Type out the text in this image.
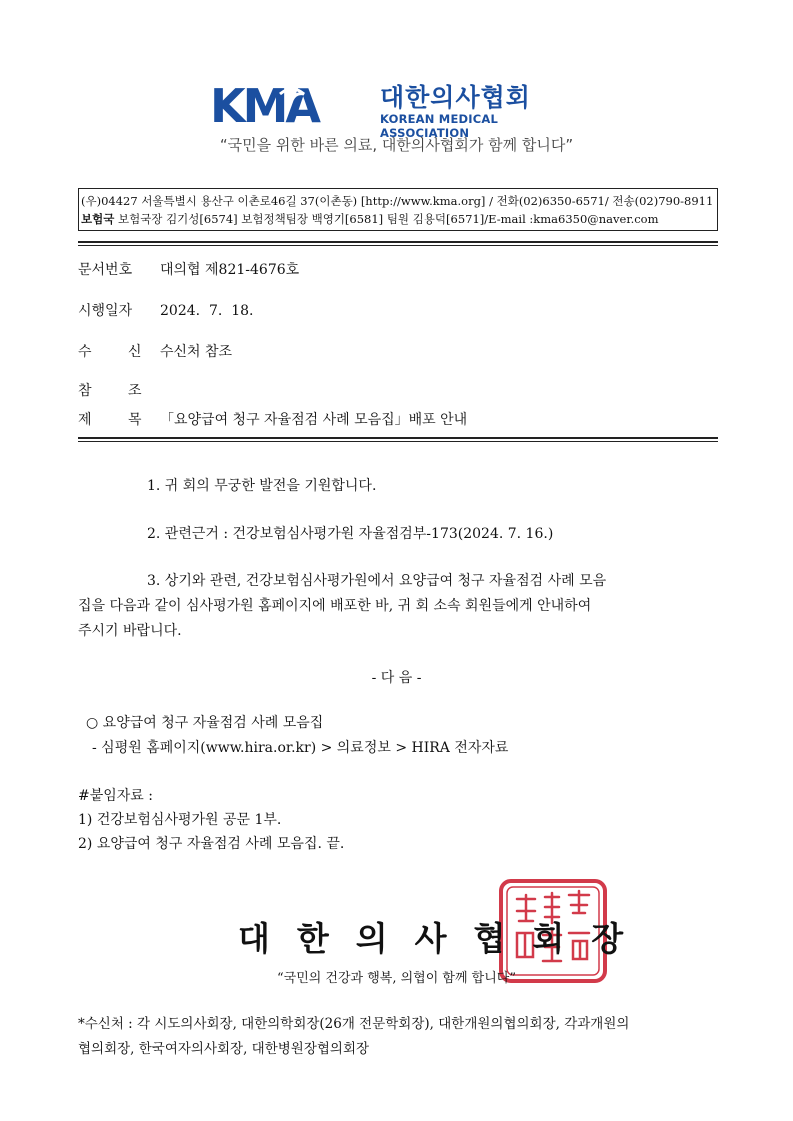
KMA 대한의사협회
KOREAN MEDICAL ASSOCIATION
“국민을 위한 바른 의료, 대한의사협회가 함께 합니다”
(우)04427 서울특별시 용산구 이촌로46길 37(이촌동) [http://www.kma.org] / 전화(02)6350-6571/ 전송(02)790-8911
보험국 보험국장 김기성[6574] 보험정책팀장 백영기[6581] 팀원 김용덕[6571]/E-mail :kma6350@naver.com
문서번호 대의협 제821-4676호
시행일자 2024.  7.  18.
수	신 수신처 참조
참	조
제	목 「요양급여 청구 자율점검 사례 모음집」배포 안내
1. 귀 회의 무궁한 발전을 기원합니다.
2. 관련근거 : 건강보험심사평가원 자율점검부-173(2024. 7. 16.)
3. 상기와 관련, 건강보험심사평가원에서 요양급여 청구 자율점검 사례 모음
집을 다음과 같이 심사평가원 홈페이지에 배포한 바, 귀 회 소속 회원들에게 안내하여
주시기 바랍니다.
- 다 음 -
○ 요양급여 청구 자율점검 사례 모음집
- 심평원 홈페이지(www.hira.or.kr) > 의료정보 > HIRA 전자자료
#붙임자료 :
1) 건강보험심사평가원 공문 1부.
2) 요양급여 청구 자율점검 사례 모음집. 끝.
대한의사협회장
“국민의 건강과 행복, 의협이 함께 합니다”
*수신처 : 각 시도의사회장, 대한의학회장(26개 전문학회장), 대한개원의협의회장, 각과개원의
협의회장, 한국여자의사회장, 대한병원장협의회장
